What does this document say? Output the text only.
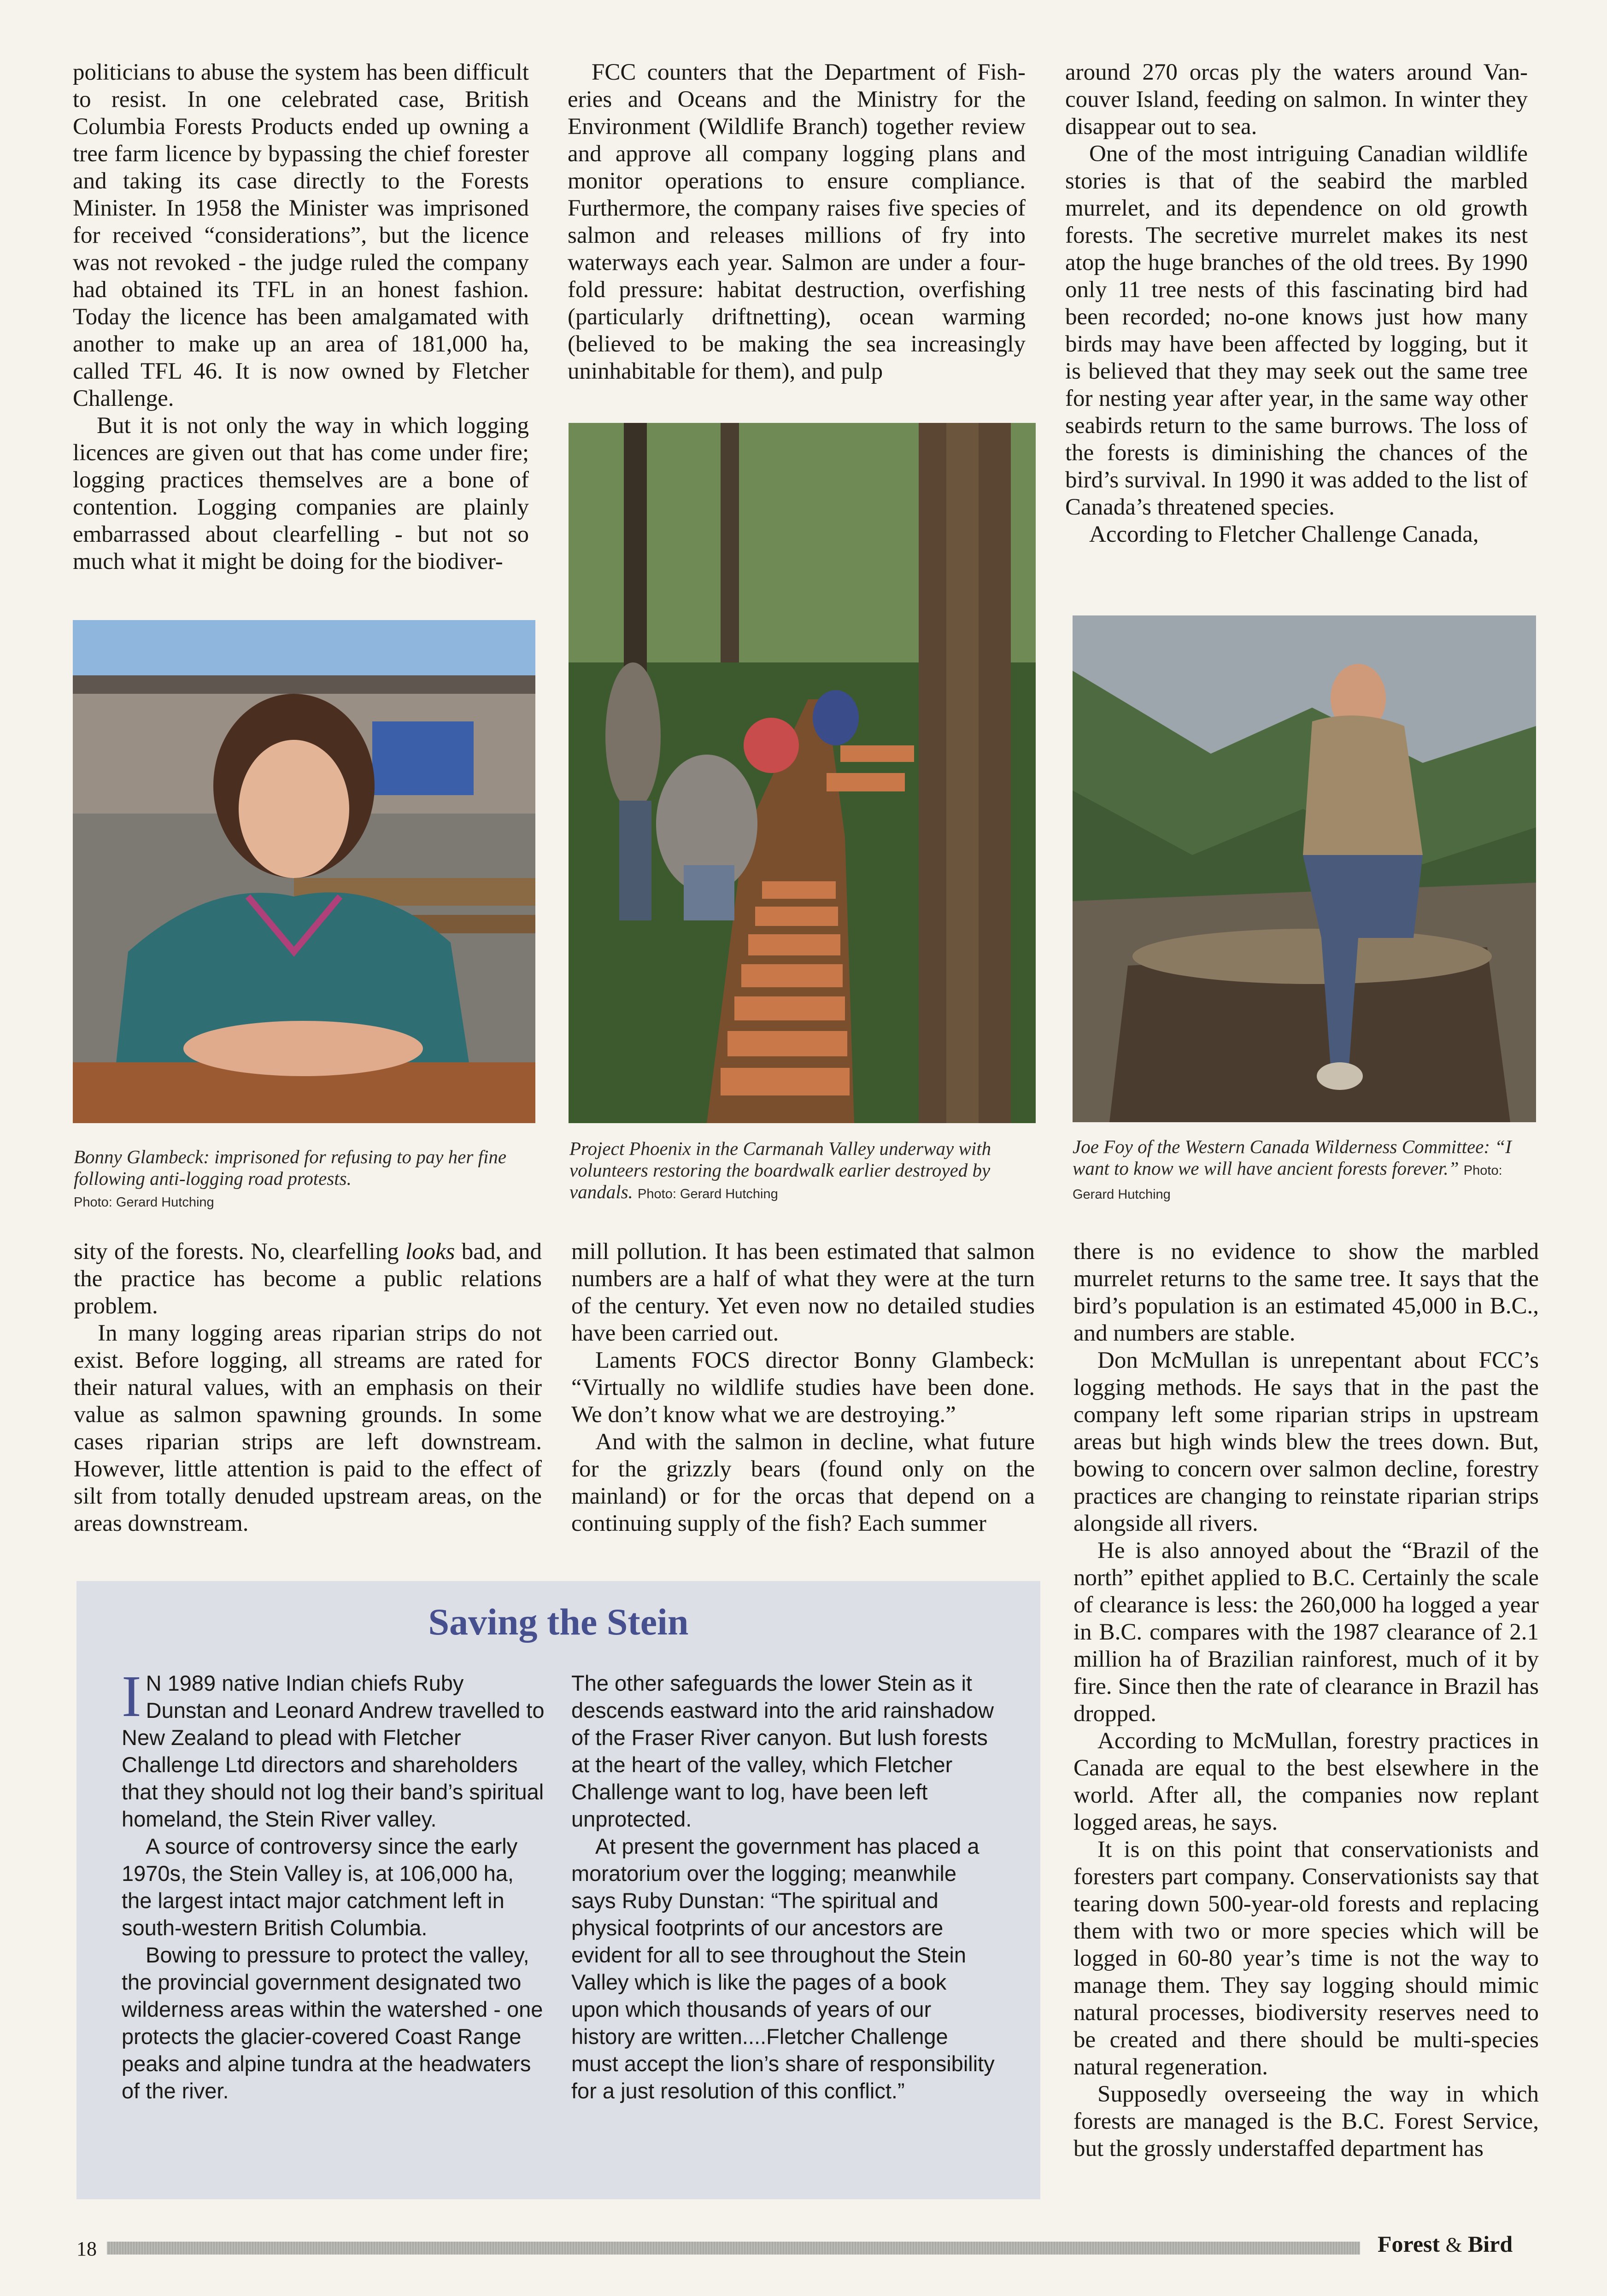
politicians to abuse the system has been difficult to resist. In one celebrated case, British Columbia Forests Products ended up owning a tree farm licence by bypassing the chief forester and taking its case directly to the Forests Minister. In 1958 the Minister was imprisoned for received “considerations”, but the licence was not revoked - the judge ruled the company had obtained its TFL in an honest fashion. Today the licence has been amalgamated with another to make up an area of 181,000 ha, called TFL 46. It is now owned by Fletcher Challenge.

But it is not only the way in which logging licences are given out that has come under fire; logging practices themselves are a bone of contention. Logging companies are plainly embarrassed about clearfelling - but not so much what it might be doing for the biodiver-

FCC counters that the Department of Fisheries and Oceans and the Ministry for the Environment (Wildlife Branch) together review and approve all company logging plans and monitor operations to ensure compliance. Furthermore, the company raises five species of salmon and releases millions of fry into waterways each year. Salmon are under a four-fold pressure: habitat destruction, overfishing (particularly driftnetting), ocean warming (believed to be making the sea increasingly uninhabitable for them), and pulp

around 270 orcas ply the waters around Vancouver Island, feeding on salmon. In winter they disappear out to sea.

One of the most intriguing Canadian wildlife stories is that of the seabird the marbled murrelet, and its dependence on old growth forests. The secretive murrelet makes its nest atop the huge branches of the old trees. By 1990 only 11 tree nests of this fascinating bird had been recorded; no-one knows just how many birds may have been affected by logging, but it is believed that they may seek out the same tree for nesting year after year, in the same way other seabirds return to the same burrows. The loss of the forests is diminishing the chances of the bird’s survival. In 1990 it was added to the list of Canada’s threatened species.

According to Fletcher Challenge Canada,

Bonny Glambeck: imprisoned for refusing to pay her fine following anti-logging road protests.
Photo: Gerard Hutching
Project Phoenix in the Carmanah Valley underway with volunteers restoring the boardwalk earlier destroyed by vandals. Photo: Gerard Hutching
Joe Foy of the Western Canada Wilderness Committee: “I want to know we will have ancient forests forever.” Photo: Gerard Hutching

sity of the forests. No, clearfelling looks bad, and the practice has become a public relations problem.

In many logging areas riparian strips do not exist. Before logging, all streams are rated for their natural values, with an emphasis on their value as salmon spawning grounds. In some cases riparian strips are left downstream. However, little attention is paid to the effect of silt from totally denuded upstream areas, on the areas downstream.

mill pollution. It has been estimated that salmon numbers are a half of what they were at the turn of the century. Yet even now no detailed studies have been carried out.

Laments FOCS director Bonny Glambeck: “Virtually no wildlife studies have been done. We don’t know what we are destroying.”

And with the salmon in decline, what future for the grizzly bears (found only on the mainland) or for the orcas that depend on a continuing supply of the fish? Each summer

there is no evidence to show the marbled murrelet returns to the same tree. It says that the bird’s population is an estimated 45,000 in B.C., and numbers are stable.

Don McMullan is unrepentant about FCC’s logging methods. He says that in the past the company left some riparian strips in upstream areas but high winds blew the trees down. But, bowing to concern over salmon decline, forestry practices are changing to reinstate riparian strips alongside all rivers.

He is also annoyed about the “Brazil of the north” epithet applied to B.C. Certainly the scale of clearance is less: the 260,000 ha logged a year in B.C. compares with the 1987 clearance of 2.1 million ha of Brazilian rainforest, much of it by fire. Since then the rate of clearance in Brazil has dropped.

According to McMullan, forestry practices in Canada are equal to the best elsewhere in the world. After all, the companies now replant logged areas, he says.

It is on this point that conservationists and foresters part company. Conservationists say that tearing down 500-year-old forests and replacing them with two or more species which will be logged in 60-80 year’s time is not the way to manage them. They say logging should mimic natural processes, biodiversity reserves need to be created and there should be multi-species natural regeneration.

Supposedly overseeing the way in which forests are managed is the B.C. Forest Service, but the grossly understaffed department has

Saving the Stein

I N 1989 native Indian chiefs Ruby Dunstan and Leonard Andrew travelled to New Zealand to plead with Fletcher Challenge Ltd directors and shareholders that they should not log their band’s spiritual homeland, the Stein River valley.

A source of controversy since the early 1970s, the Stein Valley is, at 106,000 ha, the largest intact major catchment left in south-western British Columbia.

Bowing to pressure to protect the valley, the provincial government designated two wilderness areas within the watershed - one protects the glacier-covered Coast Range peaks and alpine tundra at the headwaters of the river.

The other safeguards the lower Stein as it descends eastward into the arid rainshadow of the Fraser River canyon. But lush forests at the heart of the valley, which Fletcher Challenge want to log, have been left unprotected.

At present the government has placed a moratorium over the logging; meanwhile says Ruby Dunstan: “The spiritual and physical footprints of our ancestors are evident for all to see throughout the Stein Valley which is like the pages of a book upon which thousands of years of our history are written....Fletcher Challenge must accept the lion’s share of responsibility for a just resolution of this conflict.”

18	Forest & Bird
